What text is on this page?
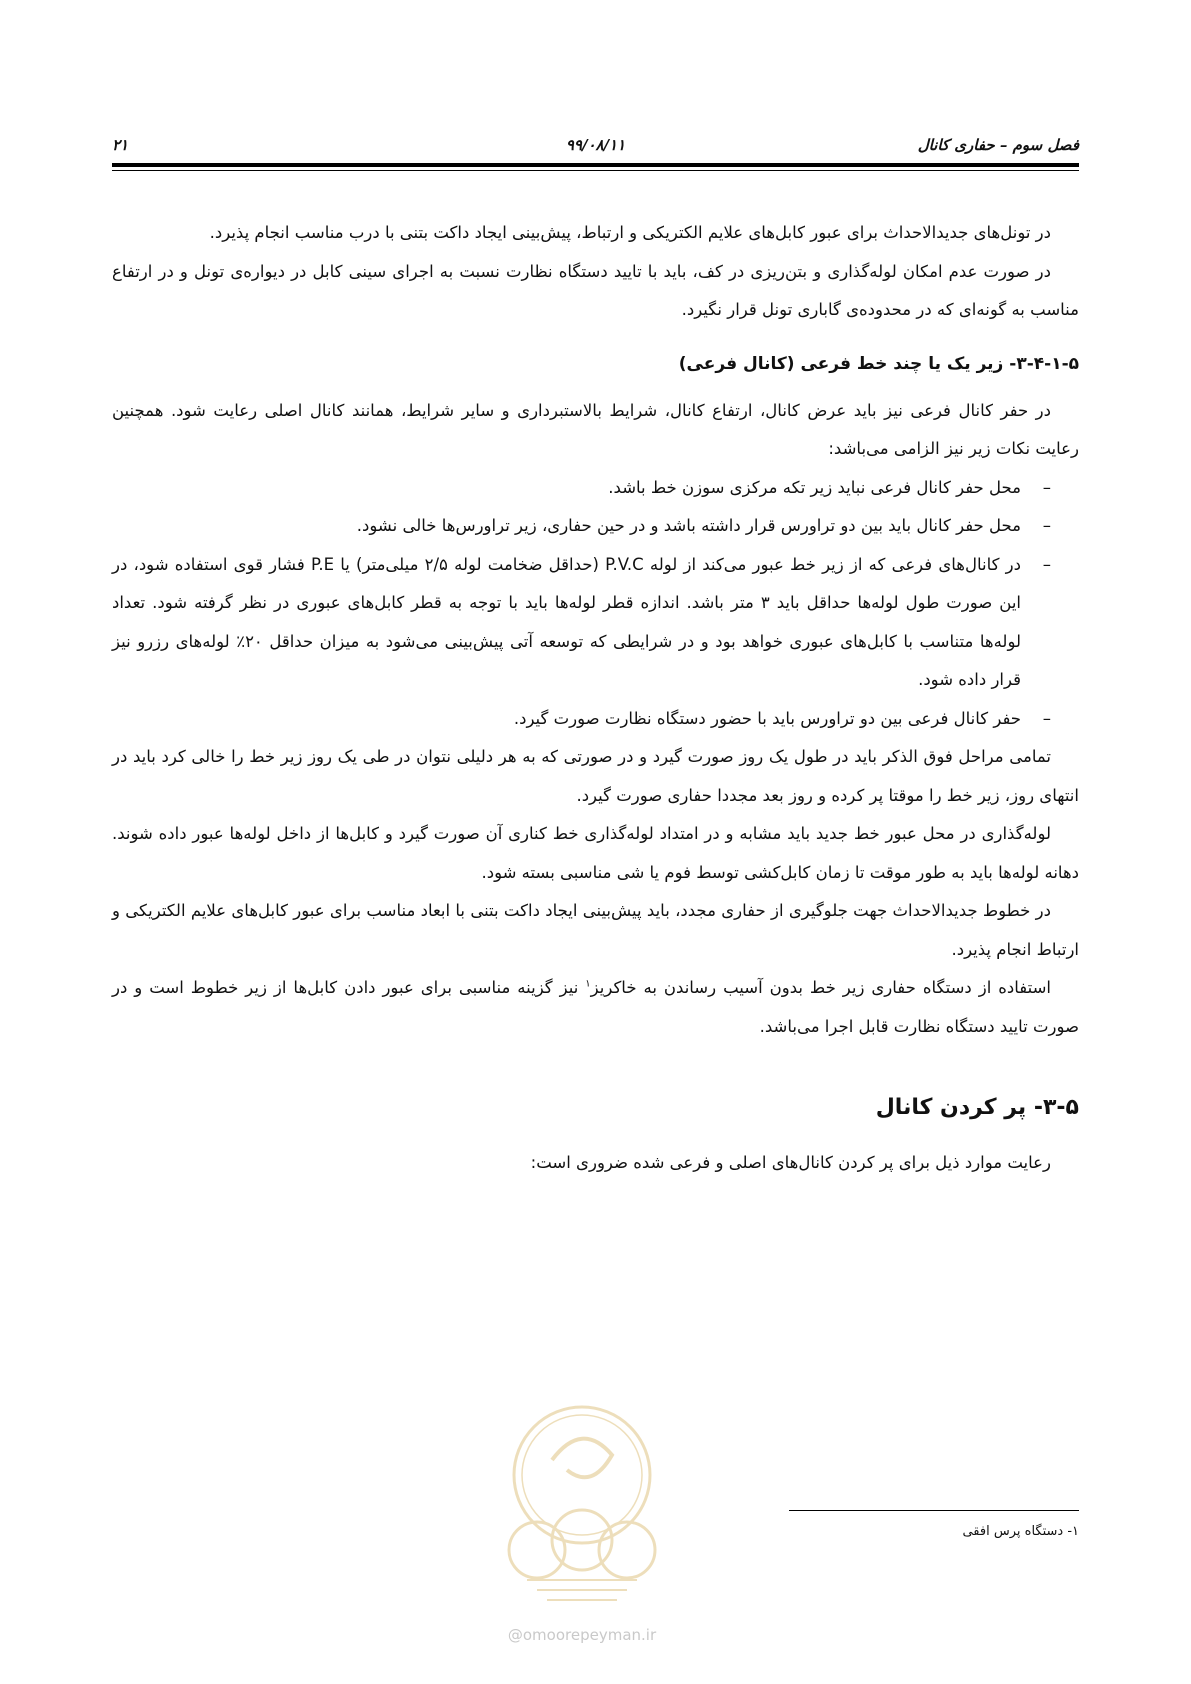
فصل سوم – حفاری کانال
۹۹/۰۸/۱۱
۲۱

در تونل‌های جدیدالاحداث برای عبور کابل‌های علایم الکتریکی و ارتباط، پیش‌بینی ایجاد داکت بتنی با درب مناسب انجام پذیرد.

در صورت عدم امکان لوله‌گذاری و بتن‌ریزی در کف، باید با تایید دستگاه نظارت نسبت به اجرای سینی کابل در دیواره‌ی تونل و در ارتفاع مناسب به گونه‌ای که در محدوده‌ی گاباری تونل قرار نگیرد.

۳-۴-۱-۵- زیر یک یا چند خط فرعی (کانال فرعی)

در حفر کانال فرعی نیز باید عرض کانال، ارتفاع کانال، شرایط بالاستبرداری و سایر شرایط، همانند کانال اصلی رعایت شود. همچنین رعایت نکات زیر نیز الزامی می‌باشد:

– محل حفر کانال فرعی نباید زیر تکه مرکزی سوزن خط باشد.
– محل حفر کانال باید بین دو تراورس قرار داشته باشد و در حین حفاری، زیر تراورس‌ها خالی نشود.
– در کانال‌های فرعی که از زیر خط عبور می‌کند از لوله P.V.C (حداقل ضخامت لوله ۲/۵ میلی‌متر) یا P.E فشار قوی استفاده شود، در این صورت طول لوله‌ها حداقل باید ۳ متر باشد. اندازه قطر لوله‌ها باید با توجه به قطر کابل‌های عبوری در نظر گرفته شود. تعداد لوله‌ها متناسب با کابل‌های عبوری خواهد بود و در شرایطی که توسعه آتی پیش‌بینی می‌شود به میزان حداقل ۲۰٪ لوله‌های رزرو نیز قرار داده شود.
– حفر کانال فرعی بین دو تراورس باید با حضور دستگاه نظارت صورت گیرد.

تمامی مراحل فوق الذکر باید در طول یک روز صورت گیرد و در صورتی که به هر دلیلی نتوان در طی یک روز زیر خط را خالی کرد باید در انتهای روز، زیر خط را موقتا پر کرده و روز بعد مجددا حفاری صورت گیرد.

لوله‌گذاری در محل عبور خط جدید باید مشابه و در امتداد لوله‌گذاری خط کناری آن صورت گیرد و کابل‌ها از داخل لوله‌ها عبور داده شوند. دهانه لوله‌ها باید به طور موقت تا زمان کابل‌کشی توسط فوم یا شی مناسبی بسته شود.

در خطوط جدیدالاحداث جهت جلوگیری از حفاری مجدد، باید پیش‌بینی ایجاد داکت بتنی با ابعاد مناسب برای عبور کابل‌های علایم الکتریکی و ارتباط انجام پذیرد.

استفاده از دستگاه حفاری زیر خط بدون آسیب رساندن به خاکریز$^۱$ نیز گزینه مناسبی برای عبور دادن کابل‌ها از زیر خطوط است و در صورت تایید دستگاه نظارت قابل اجرا می‌باشد.

۳-۵- پر کردن کانال

رعایت موارد ذیل برای پر کردن کانال‌های اصلی و فرعی شده ضروری است:

@omoorepeyman.ir
۱- دستگاه پرس افقی
